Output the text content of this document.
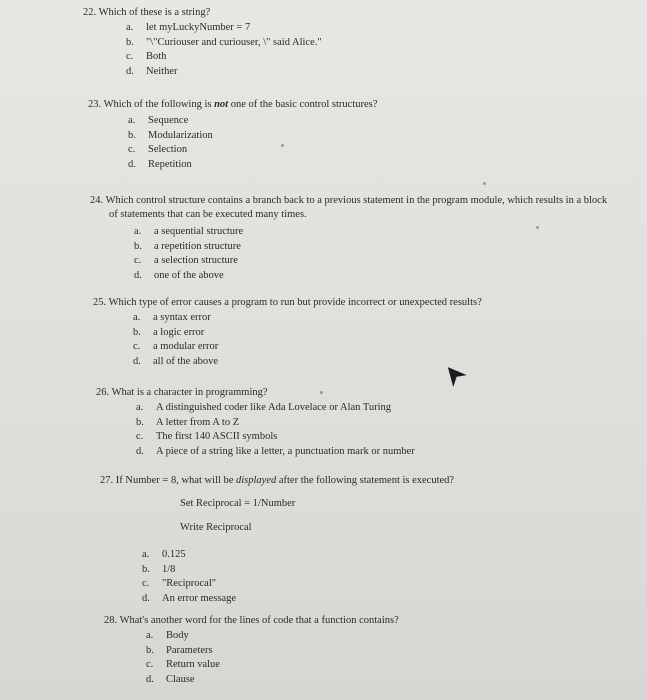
22. Which of these is a string?
a.	let myLuckyNumber = 7
b.	"\"Curiouser and curiouser, \" said Alice."
c.	Both
d.	Neither
23. Which of the following is not one of the basic control structures?
a.	Sequence
b.	Modularization
c.	Selection
d.	Repetition
24. Which control structure contains a branch back to a previous statement in the program module, which results in a block of statements that can be executed many times.
a.	a sequential structure
b.	a repetition structure
c.	a selection structure
d.	one of the above
25. Which type of error causes a program to run but provide incorrect or unexpected results?
a.	a syntax error
b.	a logic error
c.	a modular error
d.	all of the above
26. What is a character in programming?
a.	A distinguished coder like Ada Lovelace or Alan Turing
b.	A letter from A to Z
c.	The first 140 ASCII symbols
d.	A piece of a string like a letter, a punctuation mark or number
27. If Number = 8, what will be displayed after the following statement is executed?
Set Reciprocal = 1/Number
Write Reciprocal
a.	0.125
b.	1/8
c.	"Reciprocal"
d.	An error message
28. What's another word for the lines of code that a function contains?
a.	Body
b.	Parameters
c.	Return value
d.	Clause
